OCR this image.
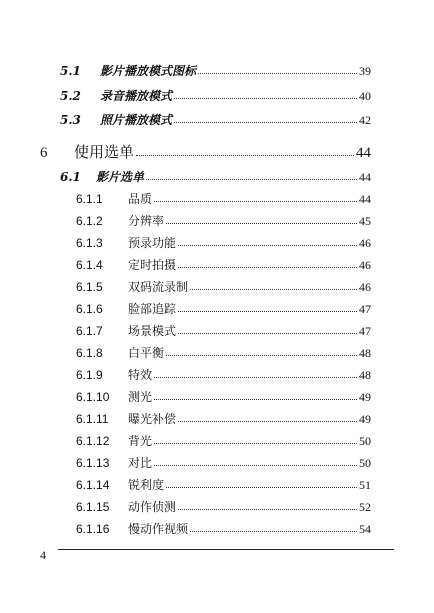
5.1	影片播放模式图标	39
5.2	录音播放模式	40
5.3	照片播放模式	42
6	使用选单	44
6.1	影片选单	44
6.1.1	品质	44
6.1.2	分辨率	45
6.1.3	预录功能	46
6.1.4	定时拍摄	46
6.1.5	双码流录制	46
6.1.6	脸部追踪	47
6.1.7	场景模式	47
6.1.8	白平衡	48
6.1.9	特效	48
6.1.10	测光	49
6.1.11	曝光补偿	49
6.1.12	背光	50
6.1.13	对比	50
6.1.14	锐利度	51
6.1.15	动作侦测	52
6.1.16	慢动作视频	54
4
